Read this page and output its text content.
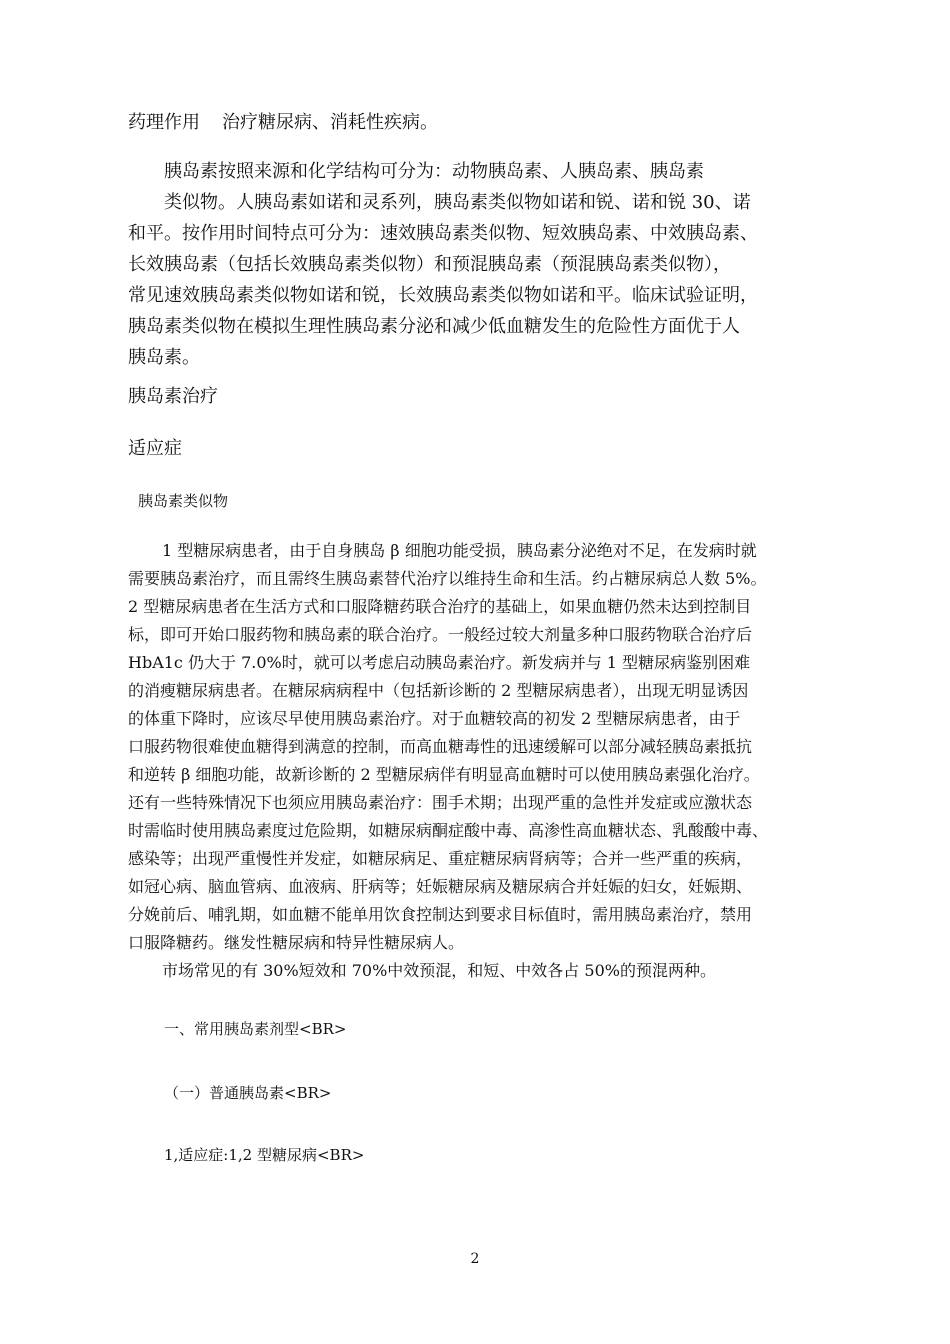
药理作用 治疗糖尿病、消耗性疾病。
胰岛素按照来源和化学结构可分为：动物胰岛素、人胰岛素、胰岛素
类似物。人胰岛素如诺和灵系列，胰岛素类似物如诺和锐、诺和锐 30、诺
和平。按作用时间特点可分为：速效胰岛素类似物、短效胰岛素、中效胰岛素、
长效胰岛素（包括长效胰岛素类似物）和预混胰岛素（预混胰岛素类似物），
常见速效胰岛素类似物如诺和锐，长效胰岛素类似物如诺和平。临床试验证明，
胰岛素类似物在模拟生理性胰岛素分泌和减少低血糖发生的危险性方面优于人
胰岛素。
胰岛素治疗
适应症
胰岛素类似物
1 型糖尿病患者，由于自身胰岛 β 细胞功能受损，胰岛素分泌绝对不足，在发病时就
需要胰岛素治疗，而且需终生胰岛素替代治疗以维持生命和生活。约占糖尿病总人数 5%。
2 型糖尿病患者在生活方式和口服降糖药联合治疗的基础上，如果血糖仍然未达到控制目
标，即可开始口服药物和胰岛素的联合治疗。一般经过较大剂量多种口服药物联合治疗后
HbA1c 仍大于 7.0%时，就可以考虑启动胰岛素治疗。新发病并与 1 型糖尿病鉴别困难
的消瘦糖尿病患者。在糖尿病病程中（包括新诊断的 2 型糖尿病患者），出现无明显诱因
的体重下降时，应该尽早使用胰岛素治疗。对于血糖较高的初发 2 型糖尿病患者，由于
口服药物很难使血糖得到满意的控制，而高血糖毒性的迅速缓解可以部分减轻胰岛素抵抗
和逆转 β 细胞功能，故新诊断的 2 型糖尿病伴有明显高血糖时可以使用胰岛素强化治疗。
还有一些特殊情况下也须应用胰岛素治疗：围手术期；出现严重的急性并发症或应激状态
时需临时使用胰岛素度过危险期，如糖尿病酮症酸中毒、高渗性高血糖状态、乳酸酸中毒、
感染等；出现严重慢性并发症，如糖尿病足、重症糖尿病肾病等；合并一些严重的疾病，
如冠心病、脑血管病、血液病、肝病等；妊娠糖尿病及糖尿病合并妊娠的妇女，妊娠期、
分娩前后、哺乳期，如血糖不能单用饮食控制达到要求目标值时，需用胰岛素治疗，禁用
口服降糖药。继发性糖尿病和特异性糖尿病人。
市场常见的有 30%短效和 70%中效预混，和短、中效各占 50%的预混两种。
一、常用胰岛素剂型<BR>
（一）普通胰岛素<BR>
1,适应症:1,2 型糖尿病<BR>
2
